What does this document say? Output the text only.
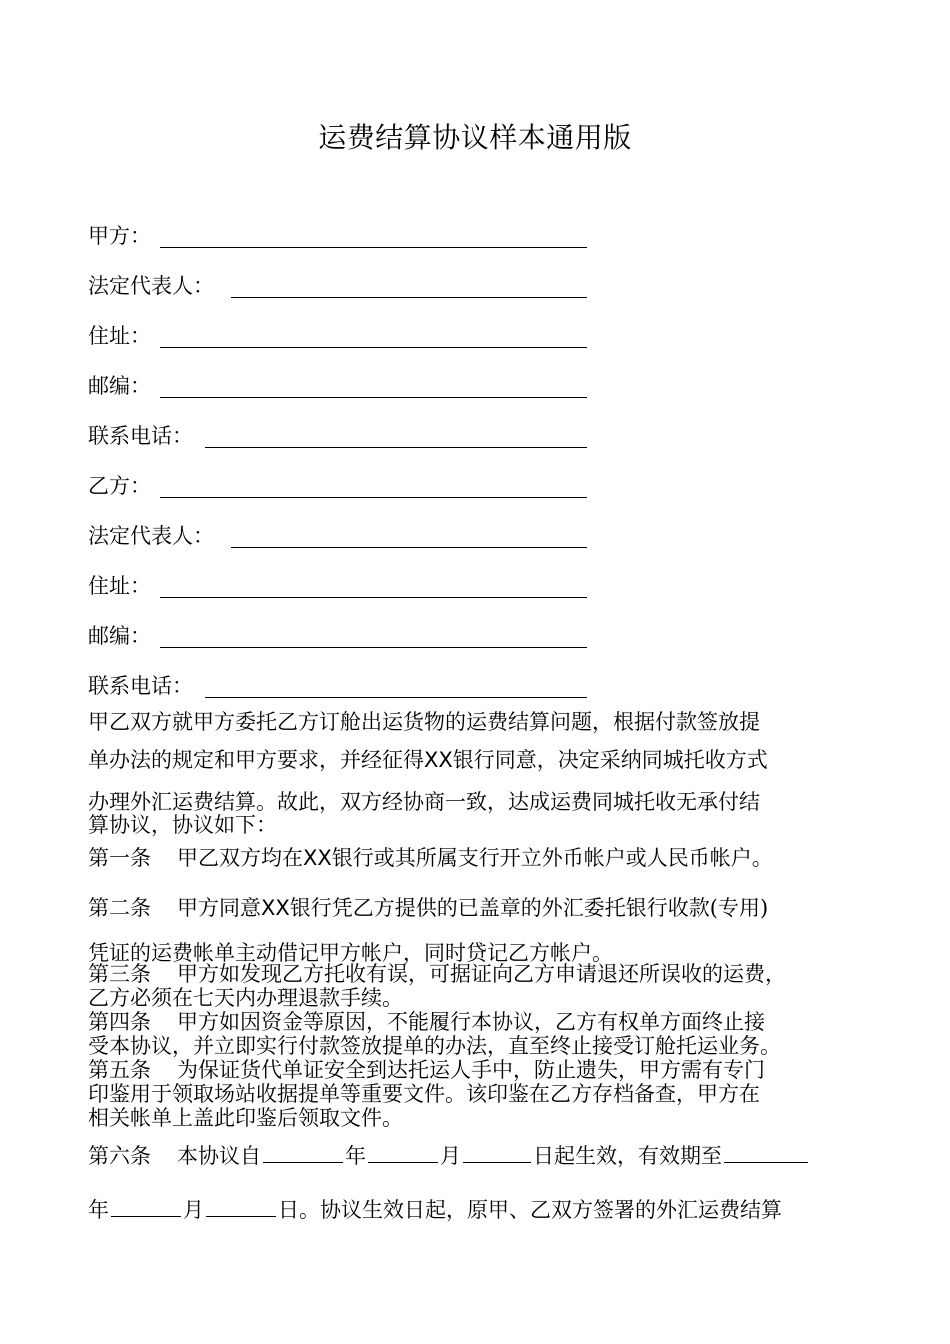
运费结算协议样本通用版
甲方：
法定代表人：
住址：
邮编：
联系电话：
乙方：
法定代表人：
住址：
邮编：
联系电话：
甲乙双方就甲方委托乙方订舱出运货物的运费结算问题，根据付款签放提
单办法的规定和甲方要求，并经征得XX银行同意，决定采纳同城托收方式
办理外汇运费结算。故此，双方经协商一致，达成运费同城托收无承付结
算协议，协议如下：
第一条 甲乙双方均在XX银行或其所属支行开立外币帐户或人民币帐户。
第二条 甲方同意XX银行凭乙方提供的已盖章的外汇委托银行收款(专用)
凭证的运费帐单主动借记甲方帐户，同时贷记乙方帐户。
第三条 甲方如发现乙方托收有误，可据证向乙方申请退还所误收的运费，
乙方必须在七天内办理退款手续。
第四条 甲方如因资金等原因，不能履行本协议，乙方有权单方面终止接
受本协议，并立即实行付款签放提单的办法，直至终止接受订舱托运业务。
第五条 为保证货代单证安全到达托运人手中，防止遗失，甲方需有专门
印鉴用于领取场站收据提单等重要文件。该印鉴在乙方存档备查，甲方在
相关帐单上盖此印鉴后领取文件。
第六条 本协议自	年	月	日起生效，有效期至
年	月	日。协议生效日起，原甲、乙双方签署的外汇运费结算
